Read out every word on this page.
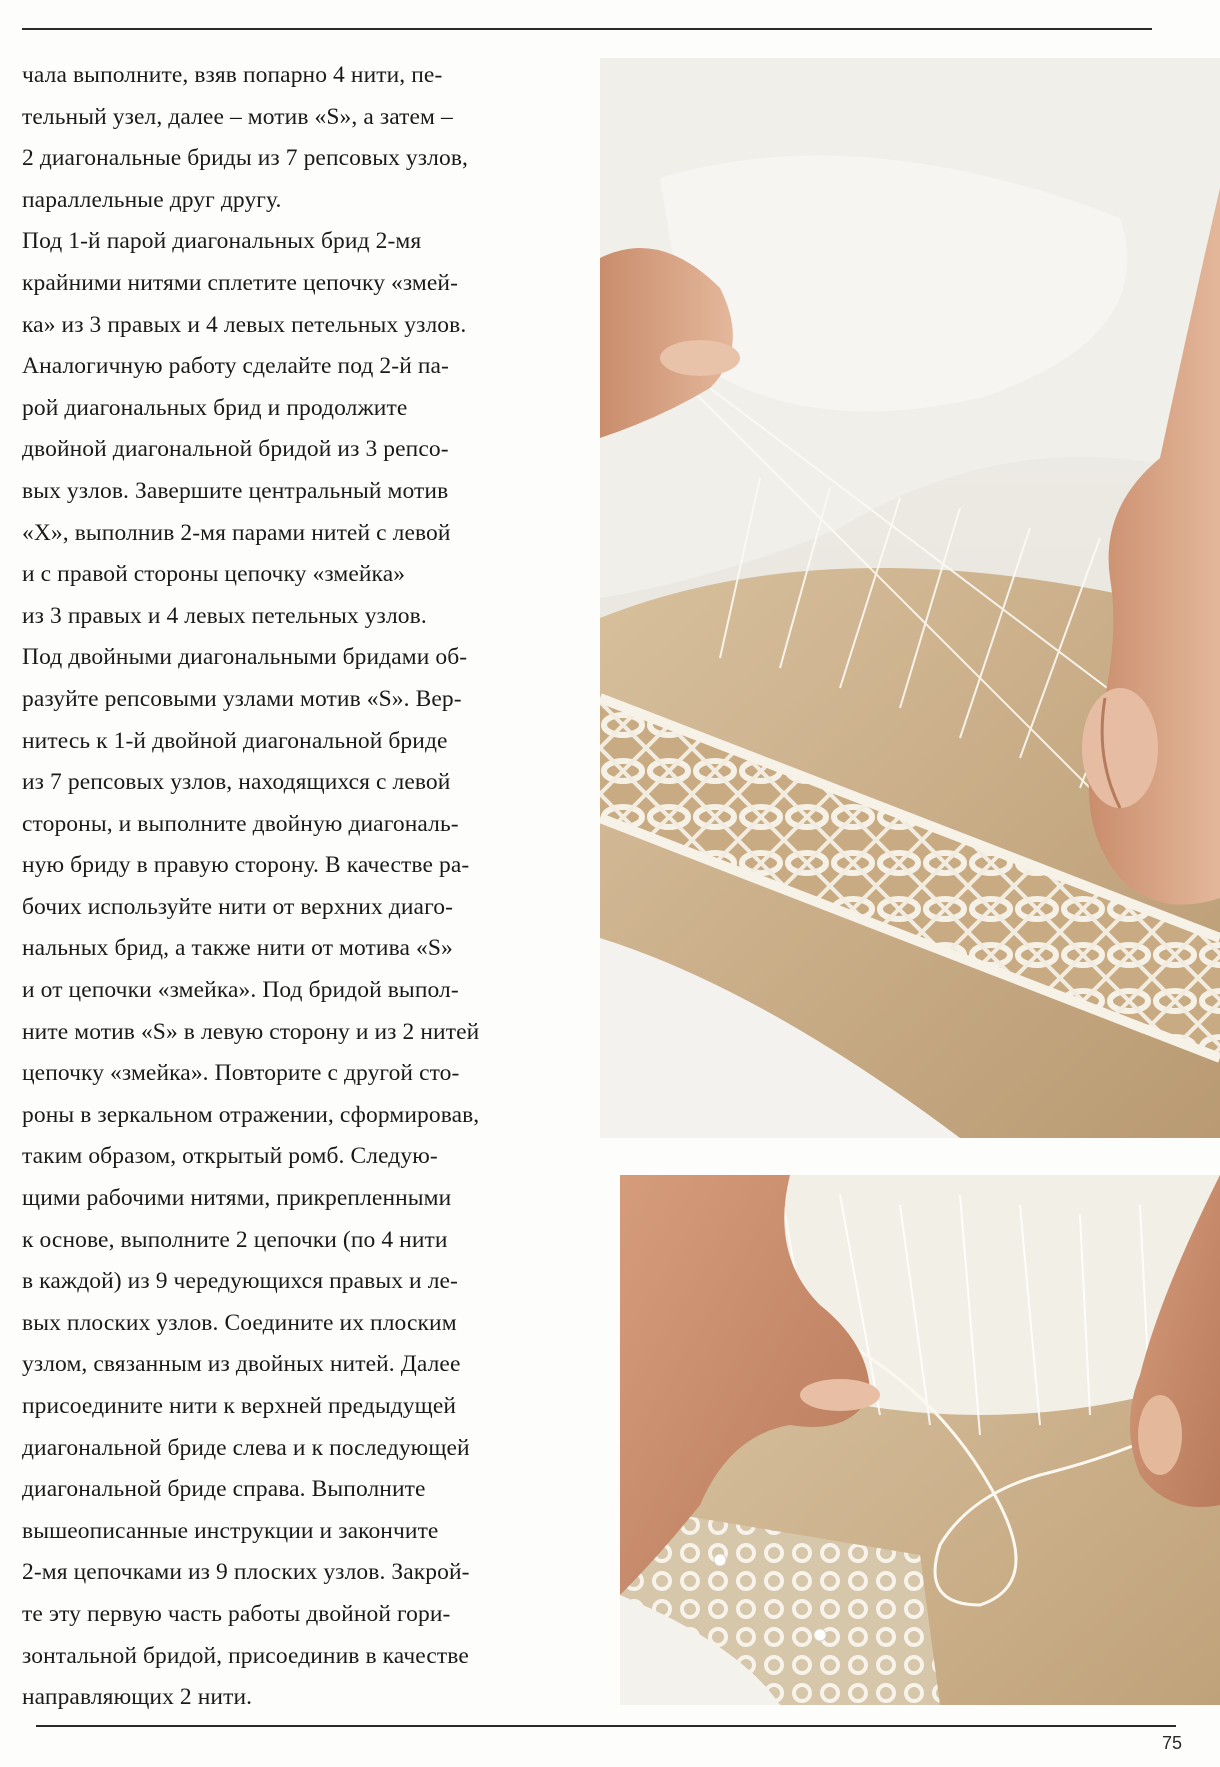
чала выполните, взяв попарно 4 нити, пе-
тельный узел, далее – мотив «S», а затем –
2 диагональные бриды из 7 репсовых узлов,
параллельные друг другу.
Под 1-й парой диагональных брид 2-мя
крайними нитями сплетите цепочку «змей-
ка» из 3 правых и 4 левых петельных узлов.
Аналогичную работу сделайте под 2-й па-
рой диагональных брид и продолжите
двойной диагональной бридой из 3 репсо-
вых узлов. Завершите центральный мотив
«Х», выполнив 2-мя парами нитей с левой
и с правой стороны цепочку «змейка»
из 3 правых и 4 левых петельных узлов.
Под двойными диагональными бридами об-
разуйте репсовыми узлами мотив «S». Вер-
нитесь к 1-й двойной диагональной бриде
из 7 репсовых узлов, находящихся с левой
стороны, и выполните двойную диагональ-
ную бриду в правую сторону. В качестве ра-
бочих используйте нити от верхних диаго-
нальных брид, а также нити от мотива «S»
и от цепочки «змейка». Под бридой выпол-
ните мотив «S» в левую сторону и из 2 нитей
цепочку «змейка». Повторите с другой сто-
роны в зеркальном отражении, сформировав,
таким образом, открытый ромб. Следую-
щими рабочими нитями, прикрепленными
к основе, выполните 2 цепочки (по 4 нити
в каждой) из 9 чередующихся правых и ле-
вых плоских узлов. Соедините их плоским
узлом, связанным из двойных нитей. Далее
присоедините нити к верхней предыдущей
диагональной бриде слева и к последующей
диагональной бриде справа. Выполните
вышеописанные инструкции и закончите
2-мя цепочками из 9 плоских узлов. Закрой-
те эту первую часть работы двойной гори-
зонтальной бридой, присоединив в качестве
направляющих 2 нити.

75
